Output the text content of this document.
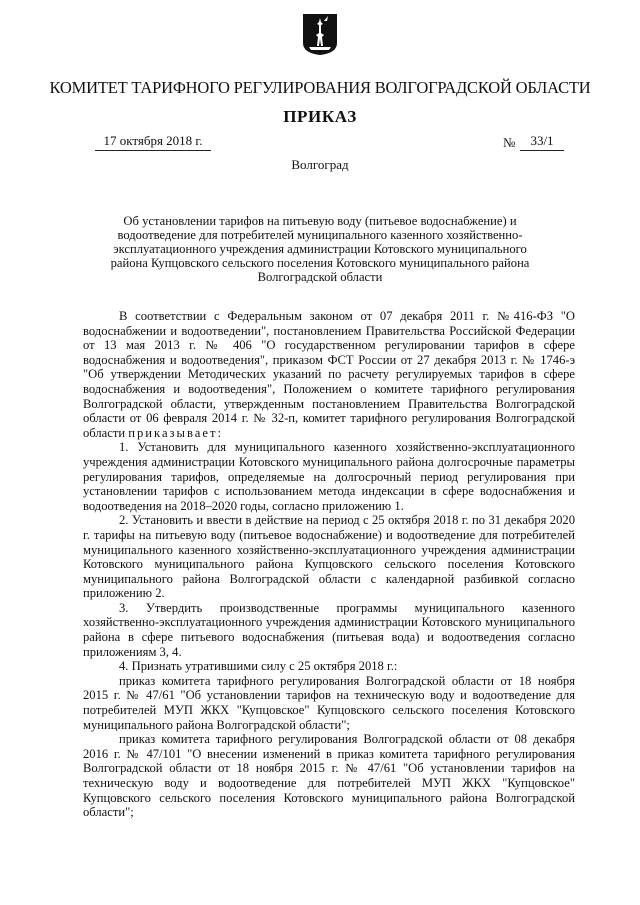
КОМИТЕТ ТАРИФНОГО РЕГУЛИРОВАНИЯ ВОЛГОГРАДСКОЙ ОБЛАСТИ
ПРИКАЗ
17 октября 2018 г.	№	33/1
Волгоград
Об установлении тарифов на питьевую воду (питьевое водоснабжение) и водоотведение для потребителей муниципального казенного хозяйственно-эксплуатационного учреждения администрации Котовского муниципального района Купцовского сельского поселения Котовского муниципального района Волгоградской области

В соответствии с Федеральным законом от 07 декабря 2011 г. №416-ФЗ "О водоснабжении и водоотведении", постановлением Правительства Российской Федерации от 13 мая 2013 г. № 406 "О государственном регулировании тарифов в сфере водоснабжения и водоотведения", приказом ФСТ России от 27 декабря 2013 г. № 1746-э "Об утверждении Методических указаний по расчету регулируемых тарифов в сфере водоснабжения и водоотведения", Положением о комитете тарифного регулирования Волгоградской области, утвержденным постановлением Правительства Волгоградской области от 06 февраля 2014 г. № 32-п, комитет тарифного регулирования Волгоградской области приказывает:

1. Установить для муниципального казенного хозяйственно-эксплуатационного учреждения администрации Котовского муниципального района долгосрочные параметры регулирования тарифов, определяемые на долгосрочный период регулирования при установлении тарифов с использованием метода индексации в сфере водоснабжения и водоотведения на 2018–2020 годы, согласно приложению 1.

2. Установить и ввести в действие на период с 25 октября 2018 г. по 31 декабря 2020 г. тарифы на питьевую воду (питьевое водоснабжение) и водоотведение для потребителей муниципального казенного хозяйственно-эксплуатационного учреждения администрации Котовского муниципального района Купцовского сельского поселения Котовского муниципального района Волгоградской области с календарной разбивкой согласно приложению 2.

3. Утвердить производственные программы муниципального казенного хозяйственно-эксплуатационного учреждения администрации Котовского муниципального района в сфере питьевого водоснабжения (питьевая вода) и водоотведения согласно приложениям 3, 4.

4. Признать утратившими силу с 25 октября 2018 г.:

приказ комитета тарифного регулирования Волгоградской области от 18 ноября 2015 г. № 47/61 "Об установлении тарифов на техническую воду и водоотведение для потребителей МУП ЖКХ "Купцовское" Купцовского сельского поселения Котовского муниципального района Волгоградской области";

приказ комитета тарифного регулирования Волгоградской области от 08 декабря 2016 г. № 47/101 "О внесении изменений в приказ комитета тарифного регулирования Волгоградской области от 18 ноября 2015 г. № 47/61 "Об установлении тарифов на техническую воду и водоотведение для потребителей МУП ЖКХ "Купцовское" Купцовского сельского поселения Котовского муниципального района Волгоградской области";
